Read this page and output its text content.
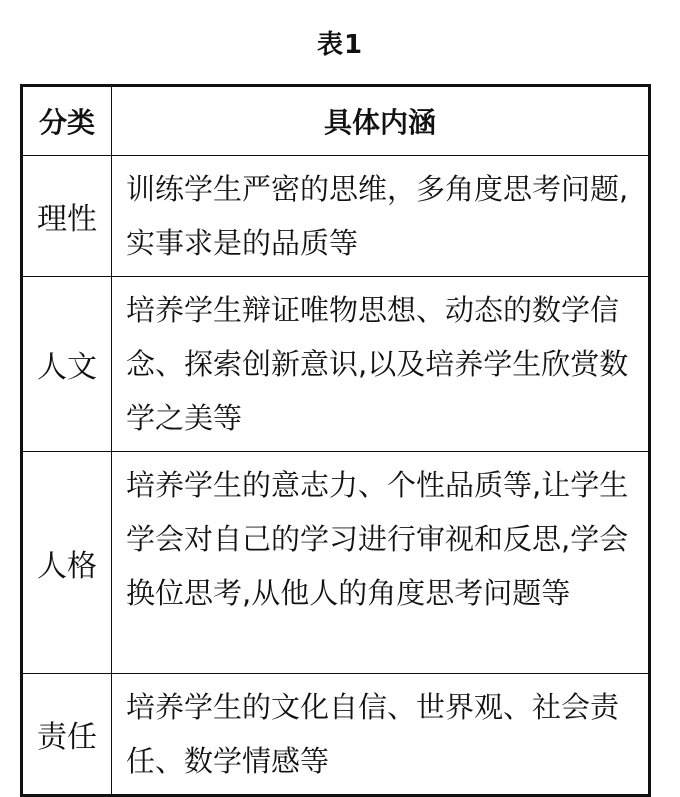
表1
分类	具体内涵
理性	训练学生严密的思维，多角度思考问题,实事求是的品质等
人文	培养学生辩证唯物思想、动态的数学信念、探索创新意识,以及培养学生欣赏数学之美等
人格	培养学生的意志力、个性品质等,让学生学会对自己的学习进行审视和反思,学会换位思考,从他人的角度思考问题等
责任	培养学生的文化自信、世界观、社会责任、数学情感等
